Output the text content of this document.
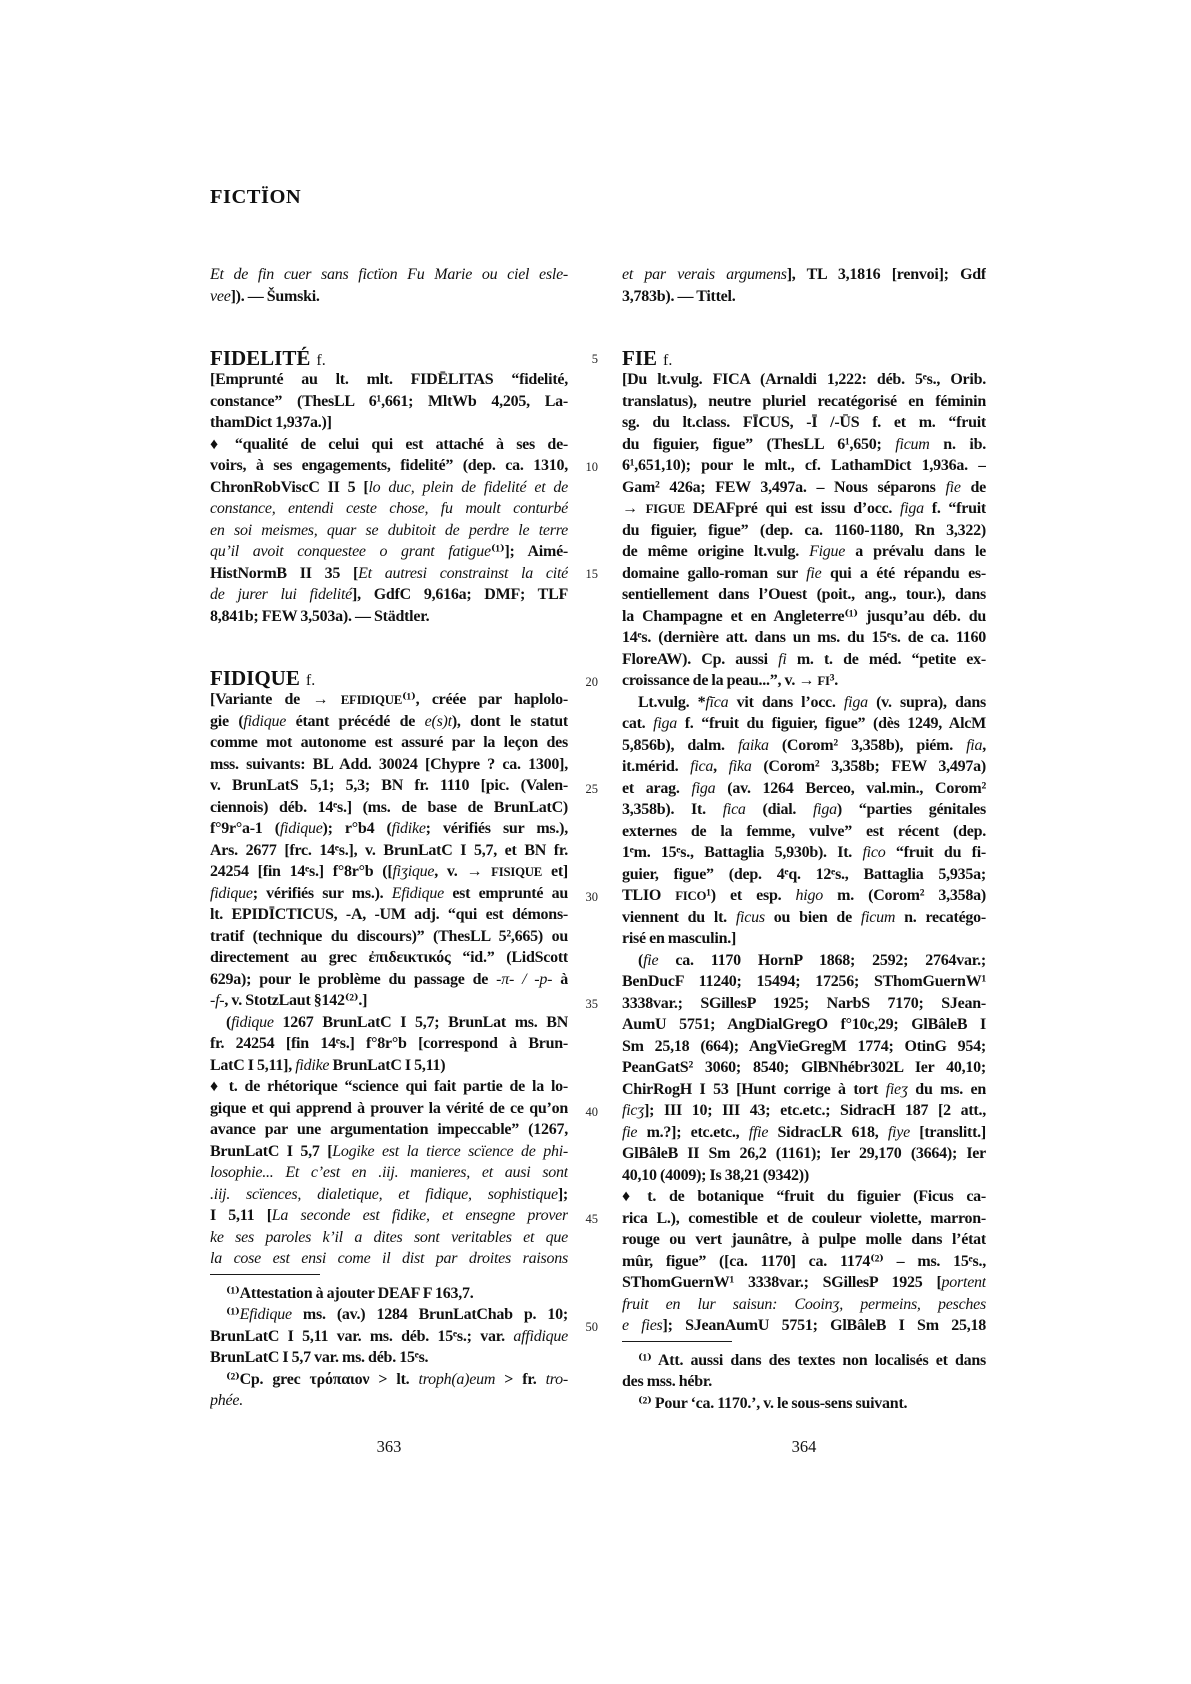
FICTÏON
Et de fin cuer sans fictïon Fu Marie ou ciel esle-
vee]). — Šumski.
FIDELITÉ f.
[Emprunté au lt. mlt. FIDĒLITAS “fidelité,
constance” (ThesLL 6¹,661; MltWb 4,205, La-
thamDict 1,937a.)]
♦ “qualité de celui qui est attaché à ses de-
voirs, à ses engagements, fidelité” (dep. ca. 1310,
ChronRobViscC II 5 [lo duc, plein de fidelité et de
constance, entendi ceste chose, fu moult conturbé
en soi meismes, quar se dubitoit de perdre le terre
qu’il avoit conquestee o grant fatigue⁽¹⁾]; Aimé-
HistNormB II 35 [Et autresi constrainst la cité
de jurer lui fidelité], GdfC 9,616a; DMF; TLF
8,841b; FEW 3,503a). — Städtler.
FIDIQUE f.
[Variante de → EFIDIQUE⁽¹⁾, créée par haplolo-
gie (fidique étant précédé de e(s)t), dont le statut
comme mot autonome est assuré par la leçon des
mss. suivants: BL Add. 30024 [Chypre ? ca. 1300],
v. BrunLatS 5,1; 5,3; BN fr. 1110 [pic. (Valen-
ciennois) déb. 14ᵉs.] (ms. de base de BrunLatC)
f°9r°a-1 (fidique); r°b4 (fidike; vérifiés sur ms.),
Ars. 2677 [frc. 14ᵉs.], v. BrunLatC I 5,7, et BN fr.
24254 [fin 14ᵉs.] f°8r°b ([fiʒique, v. → FISIQUE et]
fidique; vérifiés sur ms.). Efidique est emprunté au
lt. EPIDĪCTICUS, -A, -UM adj. “qui est démons-
tratif (technique du discours)” (ThesLL 5²,665) ou
directement au grec ἐπιδεικτικός “id.” (LidScott
629a); pour le problème du passage de -π- / -p- à
-f-, v. StotzLaut §142⁽²⁾.]
(fidique 1267 BrunLatC I 5,7; BrunLat ms. BN
fr. 24254 [fin 14ᵉs.] f°8r°b [correspond à Brun-
LatC I 5,11], fidike BrunLatC I 5,11)
♦ t. de rhétorique “science qui fait partie de la lo-
gique et qui apprend à prouver la vérité de ce qu’on
avance par une argumentation impeccable” (1267,
BrunLatC I 5,7 [Logike est la tierce scïence de phi-
losophie... Et c’est en .iij. manieres, et ausi sont
.iij. scïences, dialetique, et fidique, sophistique];
I 5,11 [La seconde est fidike, et ensegne prover
ke ses paroles k’il a dites sont veritables et que
la cose est ensi come il dist par droites raisons
⁽¹⁾Attestation à ajouter DEAF F 163,7.
⁽¹⁾Efidique ms. (av.) 1284 BrunLatChab p. 10;
BrunLatC I 5,11 var. ms. déb. 15ᵉs.; var. affidique
BrunLatC I 5,7 var. ms. déb. 15ᵉs.
⁽²⁾Cp. grec τρόπαιον > lt. troph(a)eum > fr. tro-
phée.
et par verais argumens], TL 3,1816 [renvoi]; Gdf
3,783b). — Tittel.
FIE f.
[Du lt.vulg. FICA (Arnaldi 1,222: déb. 5ᵉs., Orib.
translatus), neutre pluriel recatégorisé en féminin
sg. du lt.class. FĪCUS, -Ī /-ŪS f. et m. “fruit
du figuier, figue” (ThesLL 6¹,650; ficum n. ib.
6¹,651,10); pour le mlt., cf. LathamDict 1,936a. –
Gam² 426a; FEW 3,497a. – Nous séparons fie de
→ FIGUE DEAFpré qui est issu d’occ. figa f. “fruit
du figuier, figue” (dep. ca. 1160-1180, Rn 3,322)
de même origine lt.vulg. Figue a prévalu dans le
domaine gallo-roman sur fie qui a été répandu es-
sentiellement dans l’Ouest (poit., ang., tour.), dans
la Champagne et en Angleterre⁽¹⁾ jusqu’au déb. du
14ᵉs. (dernière att. dans un ms. du 15ᵉs. de ca. 1160
FloreAW). Cp. aussi fi m. t. de méd. “petite ex-
croissance de la peau...”, v. → FI³.
Lt.vulg. *fīca vit dans l’occ. figa (v. supra), dans
cat. figa f. “fruit du figuier, figue” (dès 1249, AlcM
5,856b), dalm. faika (Corom² 3,358b), piém. fia,
it.mérid. fica, fika (Corom² 3,358b; FEW 3,497a)
et arag. figa (av. 1264 Berceo, val.min., Corom²
3,358b). It. fica (dial. figa) “parties génitales
externes de la femme, vulve” est récent (dep.
1ᵉm. 15ᵉs., Battaglia 5,930b). It. fico “fruit du fi-
guier, figue” (dep. 4ᵉq. 12ᵉs., Battaglia 5,935a;
TLIO FICO¹) et esp. higo m. (Corom² 3,358a)
viennent du lt. ficus ou bien de ficum n. recatégo-
risé en masculin.]
(fie ca. 1170 HornP 1868; 2592; 2764var.;
BenDucF 11240; 15494; 17256; SThomGuernW¹
3338var.; SGillesP 1925; NarbS 7170; SJean-
AumU 5751; AngDialGregO f°10c,29; GlBâleB I
Sm 25,18 (664); AngVieGregM 1774; OtinG 954;
PeanGatS² 3060; 8540; GlBNhébr302L Ier 40,10;
ChirRogH I 53 [Hunt corrige à tort fieʒ du ms. en
ficʒ]; III 10; III 43; etc.etc.; SidracH 187 [2 att.,
fie m.?]; etc.etc., ffie SidracLR 618, fiye [translitt.]
GlBâleB II Sm 26,2 (1161); Ier 29,170 (3664); Ier
40,10 (4009); Is 38,21 (9342))
♦ t. de botanique “fruit du figuier (Ficus ca-
rica L.), comestible et de couleur violette, marron-
rouge ou vert jaunâtre, à pulpe molle dans l’état
mûr, figue” ([ca. 1170] ca. 1174⁽²⁾ – ms. 15ᵉs.,
SThomGuernW¹ 3338var.; SGillesP 1925 [portent
fruit en lur saisun: Cooinʒ, permeins, pesches
e fies]; SJeanAumU 5751; GlBâleB I Sm 25,18
⁽¹⁾ Att. aussi dans des textes non localisés et dans
des mss. hébr.
⁽²⁾ Pour ‘ca. 1170.’, v. le sous-sens suivant.
5
10
15
20
25
30
35
40
45
50
363	364
